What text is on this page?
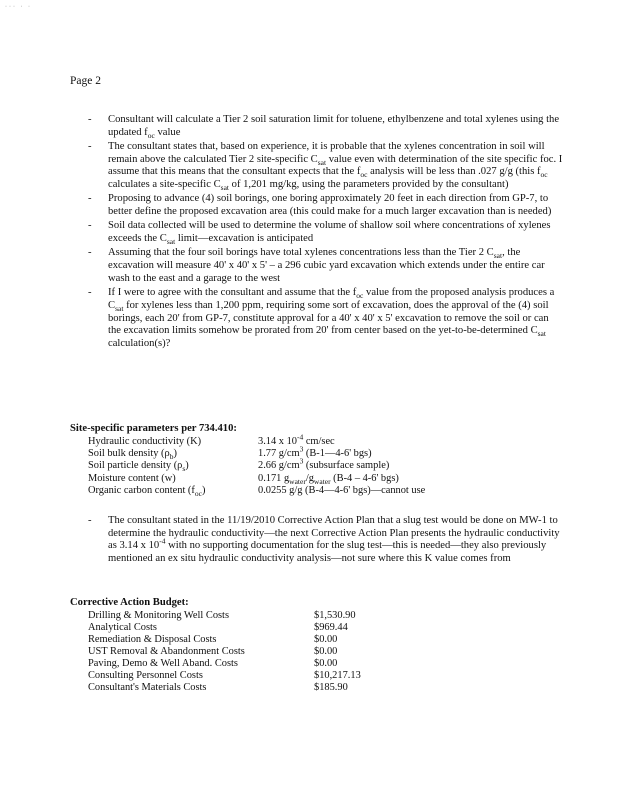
··· · ·
Page 2
- Consultant will calculate a Tier 2 soil saturation limit for toluene, ethylbenzene and total xylenes using the updated $f_{oc}$ value
- The consultant states that, based on experience, it is probable that the xylenes concentration in soil will remain above the calculated Tier 2 site-specific $C_{sat}$ value even with determination of the site specific foc. I assume that this means that the consultant expects that the $f_{oc}$ analysis will be less than .027 g/g (this $f_{oc}$ calculates a site-specific $C_{sat}$ of 1,201 mg/kg, using the parameters provided by the consultant)
- Proposing to advance (4) soil borings, one boring approximately 20 feet in each direction from GP-7, to better define the proposed excavation area (this could make for a much larger excavation than is needed)
- Soil data collected will be used to determine the volume of shallow soil where concentrations of xylenes exceeds the $C_{sat}$ limit—excavation is anticipated
- Assuming that the four soil borings have total xylenes concentrations less than the Tier 2 $C_{sat}$, the excavation will measure 40' x 40' x 5' – a 296 cubic yard excavation which extends under the entire car wash to the east and a garage to the west
- If I were to agree with the consultant and assume that the $f_{oc}$ value from the proposed analysis produces a $C_{sat}$ for xylenes less than 1,200 ppm, requiring some sort of excavation, does the approval of the (4) soil borings, each 20' from GP-7, constitute approval for a 40' x 40' x 5' excavation to remove the soil or can the excavation limits somehow be prorated from 20' from center based on the yet-to-be-determined $C_{sat}$ calculation(s)?
Site-specific parameters per 734.410:
Hydraulic conductivity (K)	3.14 x $10^{-4}$ cm/sec
Soil bulk density $(\rho_b)$	1.77 $g/cm^3$ (B-1—4-6' bgs)
Soil particle density $(\rho_s)$	2.66 $g/cm^3$ (subsurface sample)
Moisture content (w)	0.171 $g_{water}/g_{water}$ (B-4 – 4-6' bgs)
Organic carbon content $(f_{oc})$	0.0255 g/g (B-4—4-6' bgs)—cannot use
- The consultant stated in the 11/19/2010 Corrective Action Plan that a slug test would be done on MW-1 to determine the hydraulic conductivity—the next Corrective Action Plan presents the hydraulic conductivity as 3.14 x $10^{-4}$ with no supporting documentation for the slug test—this is needed—they also previously mentioned an ex situ hydraulic conductivity analysis—not sure where this K value comes from
Corrective Action Budget:
Drilling & Monitoring Well Costs	$1,530.90
Analytical Costs	$969.44
Remediation & Disposal Costs	$0.00
UST Removal & Abandonment Costs	$0.00
Paving, Demo & Well Aband. Costs	$0.00
Consulting Personnel Costs	$10,217.13
Consultant's Materials Costs	$185.90
